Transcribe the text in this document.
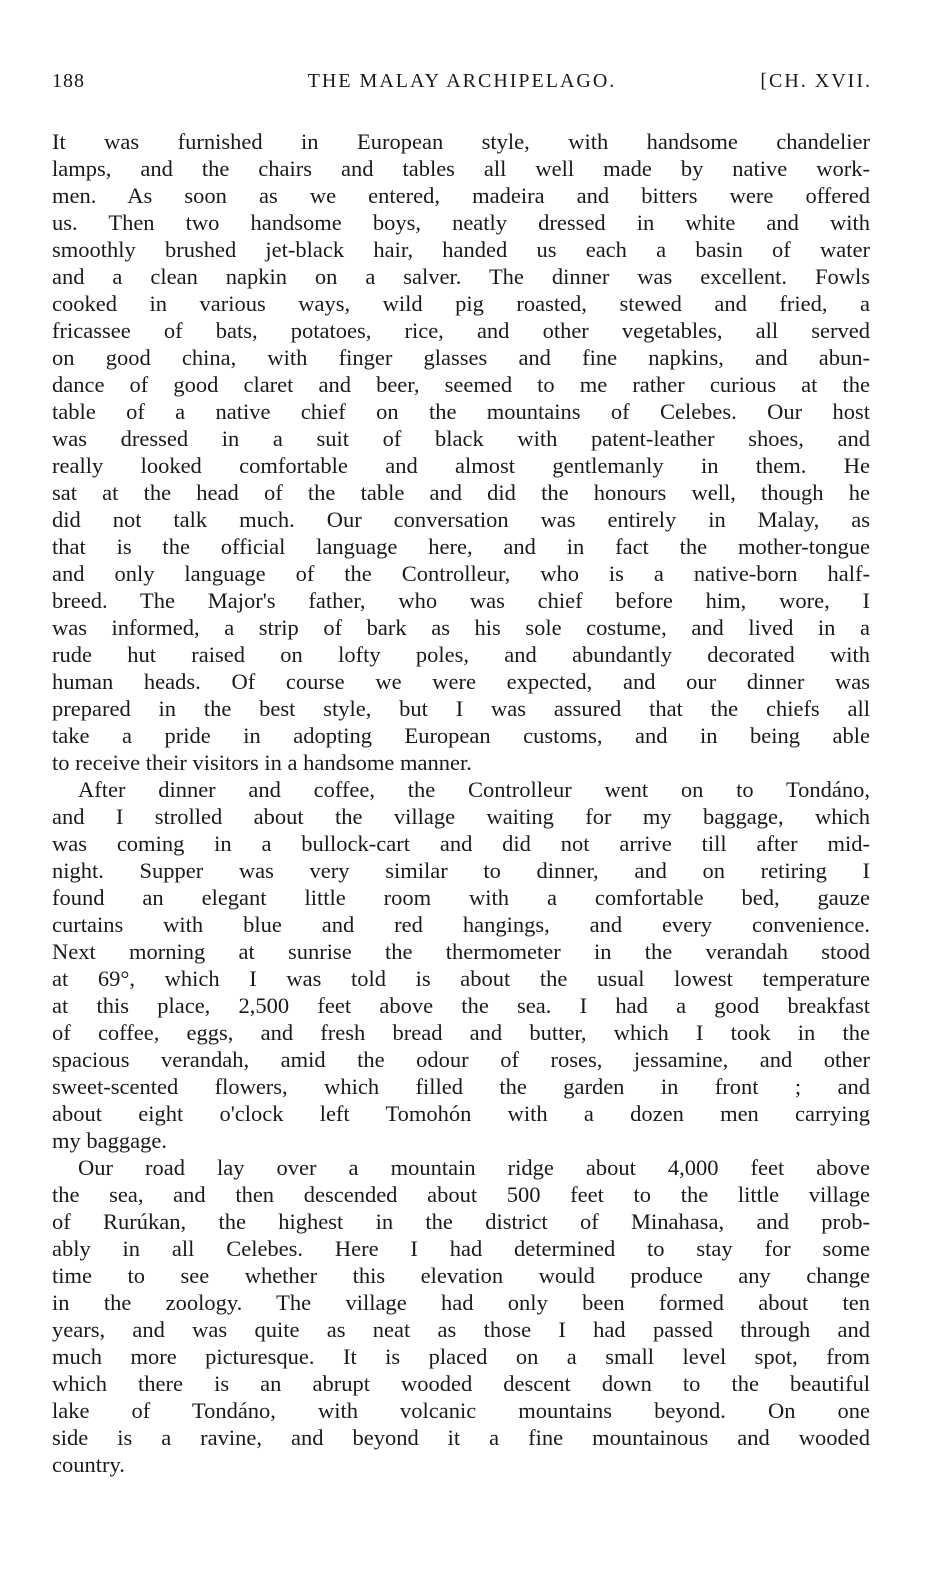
188	THE MALAY ARCHIPELAGO.	[CH. XVII.
It was furnished in European style, with handsome chandelier
lamps, and the chairs and tables all well made by native work-
men. As soon as we entered, madeira and bitters were offered
us. Then two handsome boys, neatly dressed in white and with
smoothly brushed jet-black hair, handed us each a basin of water
and a clean napkin on a salver. The dinner was excellent. Fowls
cooked in various ways, wild pig roasted, stewed and fried, a
fricassee of bats, potatoes, rice, and other vegetables, all served
on good china, with finger glasses and fine napkins, and abun-
dance of good claret and beer, seemed to me rather curious at the
table of a native chief on the mountains of Celebes. Our host
was dressed in a suit of black with patent-leather shoes, and
really looked comfortable and almost gentlemanly in them. He
sat at the head of the table and did the honours well, though he
did not talk much. Our conversation was entirely in Malay, as
that is the official language here, and in fact the mother-tongue
and only language of the Controlleur, who is a native-born half-
breed. The Major's father, who was chief before him, wore, I
was informed, a strip of bark as his sole costume, and lived in a
rude hut raised on lofty poles, and abundantly decorated with
human heads. Of course we were expected, and our dinner was
prepared in the best style, but I was assured that the chiefs all
take a pride in adopting European customs, and in being able
to receive their visitors in a handsome manner.
After dinner and coffee, the Controlleur went on to Tondáno,
and I strolled about the village waiting for my baggage, which
was coming in a bullock-cart and did not arrive till after mid-
night. Supper was very similar to dinner, and on retiring I
found an elegant little room with a comfortable bed, gauze
curtains with blue and red hangings, and every convenience.
Next morning at sunrise the thermometer in the verandah stood
at 69°, which I was told is about the usual lowest temperature
at this place, 2,500 feet above the sea. I had a good breakfast
of coffee, eggs, and fresh bread and butter, which I took in the
spacious verandah, amid the odour of roses, jessamine, and other
sweet-scented flowers, which filled the garden in front ; and
about eight o'clock left Tomohón with a dozen men carrying
my baggage.
Our road lay over a mountain ridge about 4,000 feet above
the sea, and then descended about 500 feet to the little village
of Rurúkan, the highest in the district of Minahasa, and prob-
ably in all Celebes. Here I had determined to stay for some
time to see whether this elevation would produce any change
in the zoology. The village had only been formed about ten
years, and was quite as neat as those I had passed through and
much more picturesque. It is placed on a small level spot, from
which there is an abrupt wooded descent down to the beautiful
lake of Tondáno, with volcanic mountains beyond. On one
side is a ravine, and beyond it a fine mountainous and wooded
country.
